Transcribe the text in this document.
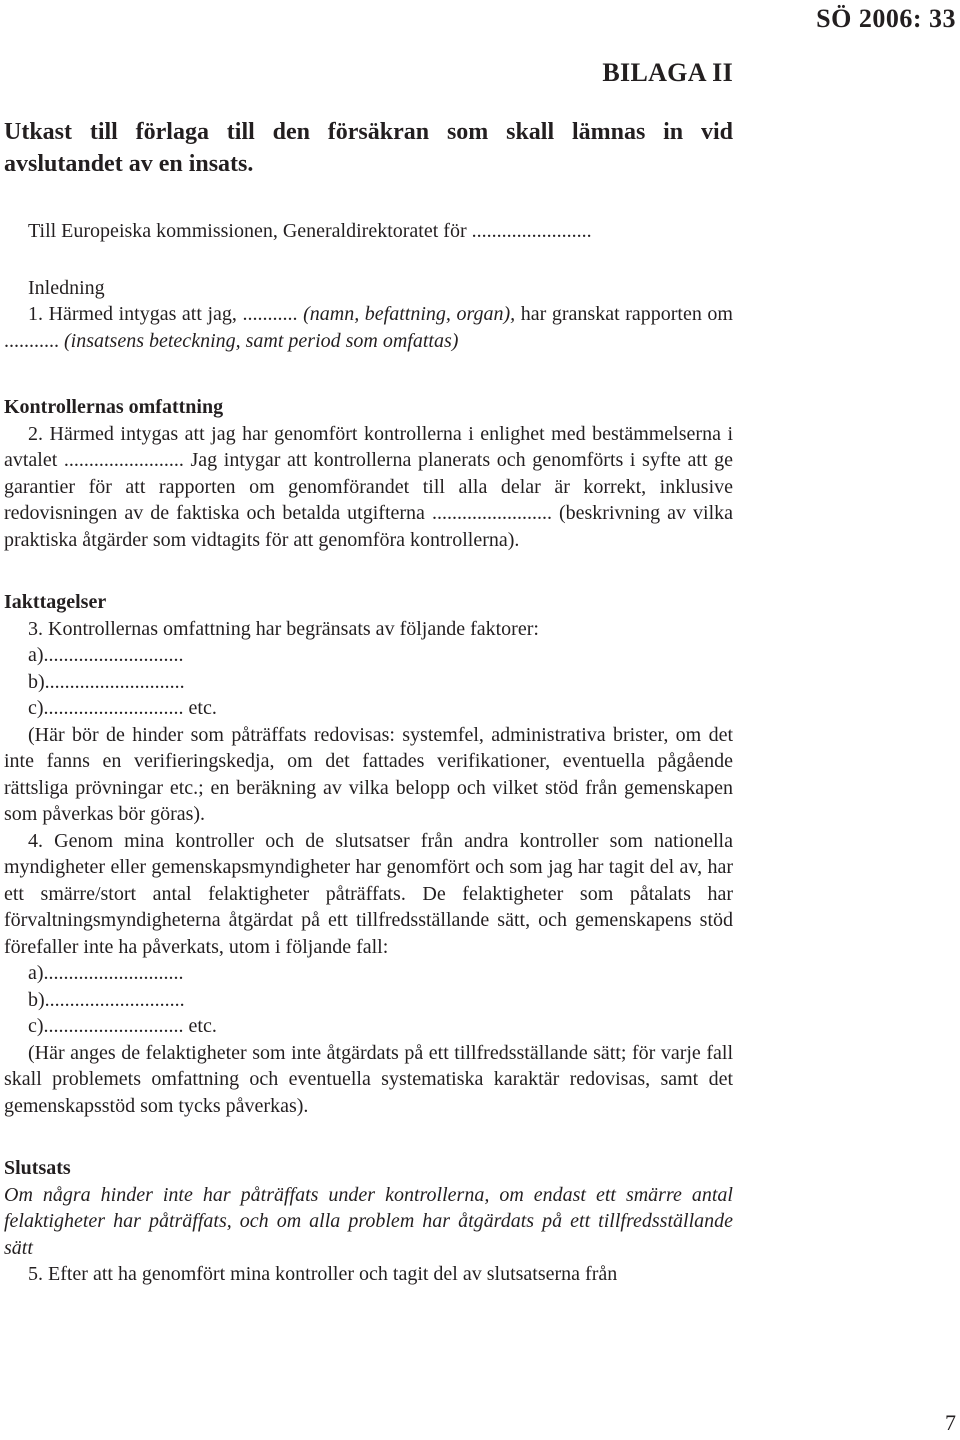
SÖ 2006: 33
BILAGA II

Utkast till förlaga till den försäkran som skall lämnas in vid avslutandet av en insats.

Till Europeiska kommissionen, Generaldirektoratet för ........................

Inledning

1. Härmed intygas att jag, ........... (namn, befattning, organ), har granskat rapporten om ........... (insatsens beteckning, samt period som omfattas)

Kontrollernas omfattning

2. Härmed intygas att jag har genomfört kontrollerna i enlighet med bestämmelserna i avtalet ........................ Jag intygar att kontrollerna planerats och genomförts i syfte att ge garantier för att rapporten om genomförandet till alla delar är korrekt, inklusive redovisningen av de faktiska och betalda utgifterna ........................ (beskrivning av vilka praktiska åtgärder som vidtagits för att genomföra kontrollerna).

Iakttagelser

3. Kontrollernas omfattning har begränsats av följande faktorer:

a)............................

b)............................

c)............................ etc.

(Här bör de hinder som påträffats redovisas: systemfel, administrativa brister, om det inte fanns en verifieringskedja, om det fattades verifikationer, eventuella pågående rättsliga prövningar etc.; en beräkning av vilka belopp och vilket stöd från gemenskapen som påverkas bör göras).

4. Genom mina kontroller och de slutsatser från andra kontroller som nationella myndigheter eller gemenskapsmyndigheter har genomfört och som jag har tagit del av, har ett smärre/stort antal felaktigheter påträffats. De felaktigheter som påtalats har förvaltningsmyndigheterna åtgärdat på ett tillfredsställande sätt, och gemenskapens stöd förefaller inte ha påverkats, utom i följande fall:

a)............................

b)............................

c)............................ etc.

(Här anges de felaktigheter som inte åtgärdats på ett tillfredsställande sätt; för varje fall skall problemets omfattning och eventuella systematiska karaktär redovisas, samt det gemenskapsstöd som tycks påverkas).

Slutsats

Om några hinder inte har påträffats under kontrollerna, om endast ett smärre antal felaktigheter har påträffats, och om alla problem har åtgärdats på ett tillfredsställande sätt

5. Efter att ha genomfört mina kontroller och tagit del av slutsatserna från

7
